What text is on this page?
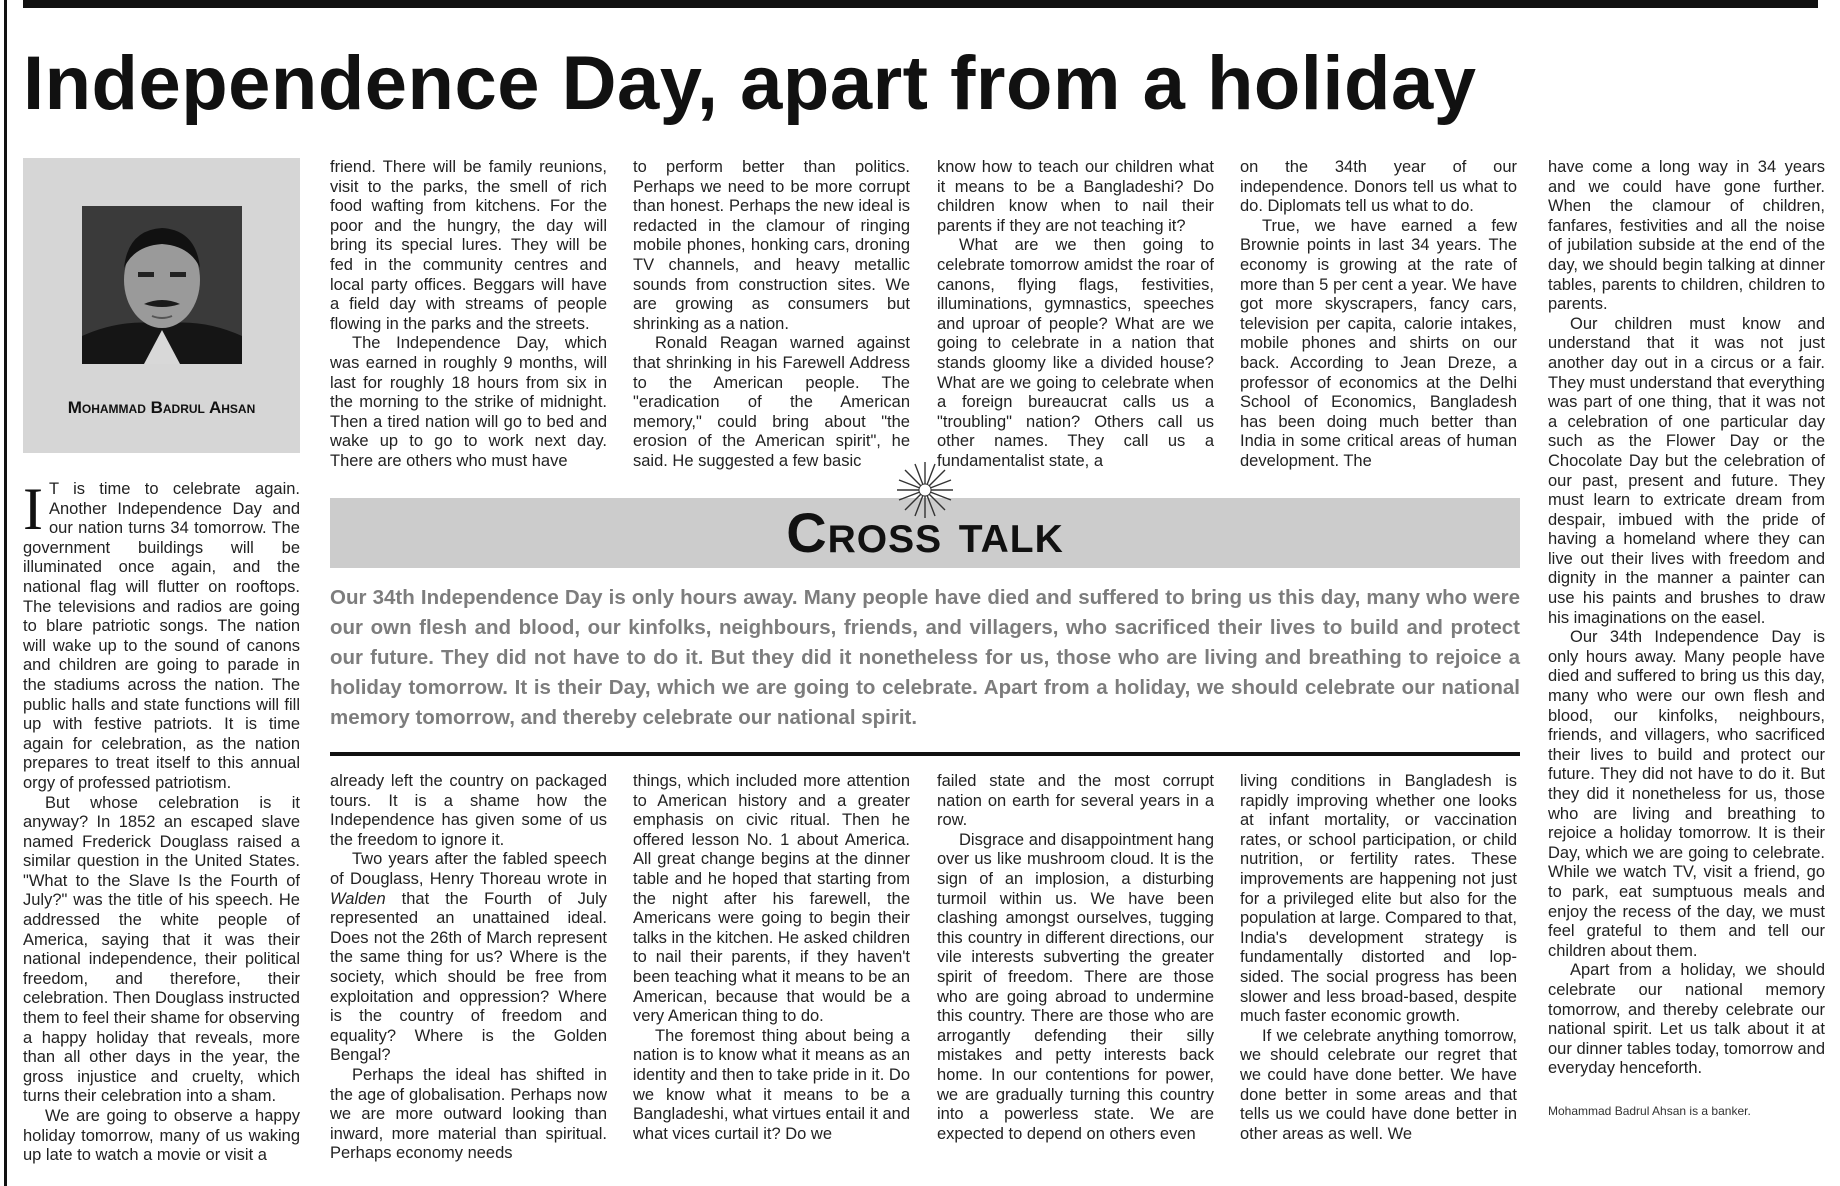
Independence Day, apart from a holiday
Mohammad Badrul Ahsan

I T is time to celebrate again. Another Independence Day and our nation turns 34 tomorrow. The government buildings will be illuminated once again, and the national flag will flutter on rooftops. The televisions and radios are going to blare patriotic songs. The nation will wake up to the sound of canons and children are going to parade in the stadiums across the nation. The public halls and state functions will fill up with festive patriots. It is time again for celebration, as the nation prepares to treat itself to this annual orgy of professed patriotism.

But whose celebration is it anyway? In 1852 an escaped slave named Frederick Douglass raised a similar question in the United States. "What to the Slave Is the Fourth of July?" was the title of his speech. He addressed the white people of America, saying that it was their national independence, their political freedom, and therefore, their celebration. Then Douglass instructed them to feel their shame for observing a happy holiday that reveals, more than all other days in the year, the gross injustice and cruelty, which turns their celebration into a sham.

We are going to observe a happy holiday tomorrow, many of us waking up late to watch a movie or visit a

friend. There will be family reunions, visit to the parks, the smell of rich food wafting from kitchens. For the poor and the hungry, the day will bring its special lures. They will be fed in the community centres and local party offices. Beggars will have a field day with streams of people flowing in the parks and the streets.

The Independence Day, which was earned in roughly 9 months, will last for roughly 18 hours from six in the morning to the strike of midnight. Then a tired nation will go to bed and wake up to go to work next day. There are others who must have

to perform better than politics. Perhaps we need to be more corrupt than honest. Perhaps the new ideal is redacted in the clamour of ringing mobile phones, honking cars, droning TV channels, and heavy metallic sounds from construction sites. We are growing as consumers but shrinking as a nation.

Ronald Reagan warned against that shrinking in his Farewell Address to the American people. The "eradication of the American memory," could bring about "the erosion of the American spirit", he said. He suggested a few basic

know how to teach our children what it means to be a Bangladeshi? Do children know when to nail their parents if they are not teaching it?

What are we then going to celebrate tomorrow amidst the roar of canons, flying flags, festivities, illuminations, gymnastics, speeches and uproar of people? What are we going to celebrate in a nation that stands gloomy like a divided house? What are we going to celebrate when a foreign bureaucrat calls us a "troubling" nation? Others call us other names. They call us a fundamentalist state, a

on the 34th year of our independence. Donors tell us what to do. Diplomats tell us what to do.

True, we have earned a few Brownie points in last 34 years. The economy is growing at the rate of more than 5 per cent a year. We have got more skyscrapers, fancy cars, television per capita, calorie intakes, mobile phones and shirts on our back. According to Jean Dreze, a professor of economics at the Delhi School of Economics, Bangladesh has been doing much better than India in some critical areas of human development. The

Cross talk

Our 34th Independence Day is only hours away. Many people have died and suffered to bring us this day, many who were our own flesh and blood, our kinfolks, neighbours, friends, and villagers, who sacrificed their lives to build and protect our future. They did not have to do it. But they did it nonetheless for us, those who are living and breathing to rejoice a holiday tomorrow. It is their Day, which we are going to celebrate. Apart from a holiday, we should celebrate our national memory tomorrow, and thereby celebrate our national spirit.

already left the country on packaged tours. It is a shame how the Independence has given some of us the freedom to ignore it.

Two years after the fabled speech of Douglass, Henry Thoreau wrote in Walden that the Fourth of July represented an unattained ideal. Does not the 26th of March represent the same thing for us? Where is the society, which should be free from exploitation and oppression? Where is the country of freedom and equality? Where is the Golden Bengal?

Perhaps the ideal has shifted in the age of globalisation. Perhaps now we are more outward looking than inward, more material than spiritual. Perhaps economy needs

things, which included more attention to American history and a greater emphasis on civic ritual. Then he offered lesson No. 1 about America. All great change begins at the dinner table and he hoped that starting from the night after his farewell, the Americans were going to begin their talks in the kitchen. He asked children to nail their parents, if they haven't been teaching what it means to be an American, because that would be a very American thing to do.

The foremost thing about being a nation is to know what it means as an identity and then to take pride in it. Do we know what it means to be a Bangladeshi, what virtues entail it and what vices curtail it? Do we

failed state and the most corrupt nation on earth for several years in a row.

Disgrace and disappointment hang over us like mushroom cloud. It is the sign of an implosion, a disturbing turmoil within us. We have been clashing amongst ourselves, tugging this country in different directions, our vile interests subverting the greater spirit of freedom. There are those who are going abroad to undermine this country. There are those who are arrogantly defending their silly mistakes and petty interests back home. In our contentions for power, we are gradually turning this country into a powerless state. We are expected to depend on others even

living conditions in Bangladesh is rapidly improving whether one looks at infant mortality, or vaccination rates, or school participation, or child nutrition, or fertility rates. These improvements are happening not just for a privileged elite but also for the population at large. Compared to that, India's development strategy is fundamentally distorted and lop-sided. The social progress has been slower and less broad-based, despite much faster economic growth.

If we celebrate anything tomorrow, we should celebrate our regret that we could have done better. We have done better in some areas and that tells us we could have done better in other areas as well. We

have come a long way in 34 years and we could have gone further. When the clamour of children, fanfares, festivities and all the noise of jubilation subside at the end of the day, we should begin talking at dinner tables, parents to children, children to parents.

Our children must know and understand that it was not just another day out in a circus or a fair. They must understand that everything was part of one thing, that it was not a celebration of one particular day such as the Flower Day or the Chocolate Day but the celebration of our past, present and future. They must learn to extricate dream from despair, imbued with the pride of having a homeland where they can live out their lives with freedom and dignity in the manner a painter can use his paints and brushes to draw his imaginations on the easel.

Our 34th Independence Day is only hours away. Many people have died and suffered to bring us this day, many who were our own flesh and blood, our kinfolks, neighbours, friends, and villagers, who sacrificed their lives to build and protect our future. They did not have to do it. But they did it nonetheless for us, those who are living and breathing to rejoice a holiday tomorrow. It is their Day, which we are going to celebrate. While we watch TV, visit a friend, go to park, eat sumptuous meals and enjoy the recess of the day, we must feel grateful to them and tell our children about them.

Apart from a holiday, we should celebrate our national memory tomorrow, and thereby celebrate our national spirit. Let us talk about it at our dinner tables today, tomorrow and everyday henceforth.

Mohammad Badrul Ahsan is a banker.
